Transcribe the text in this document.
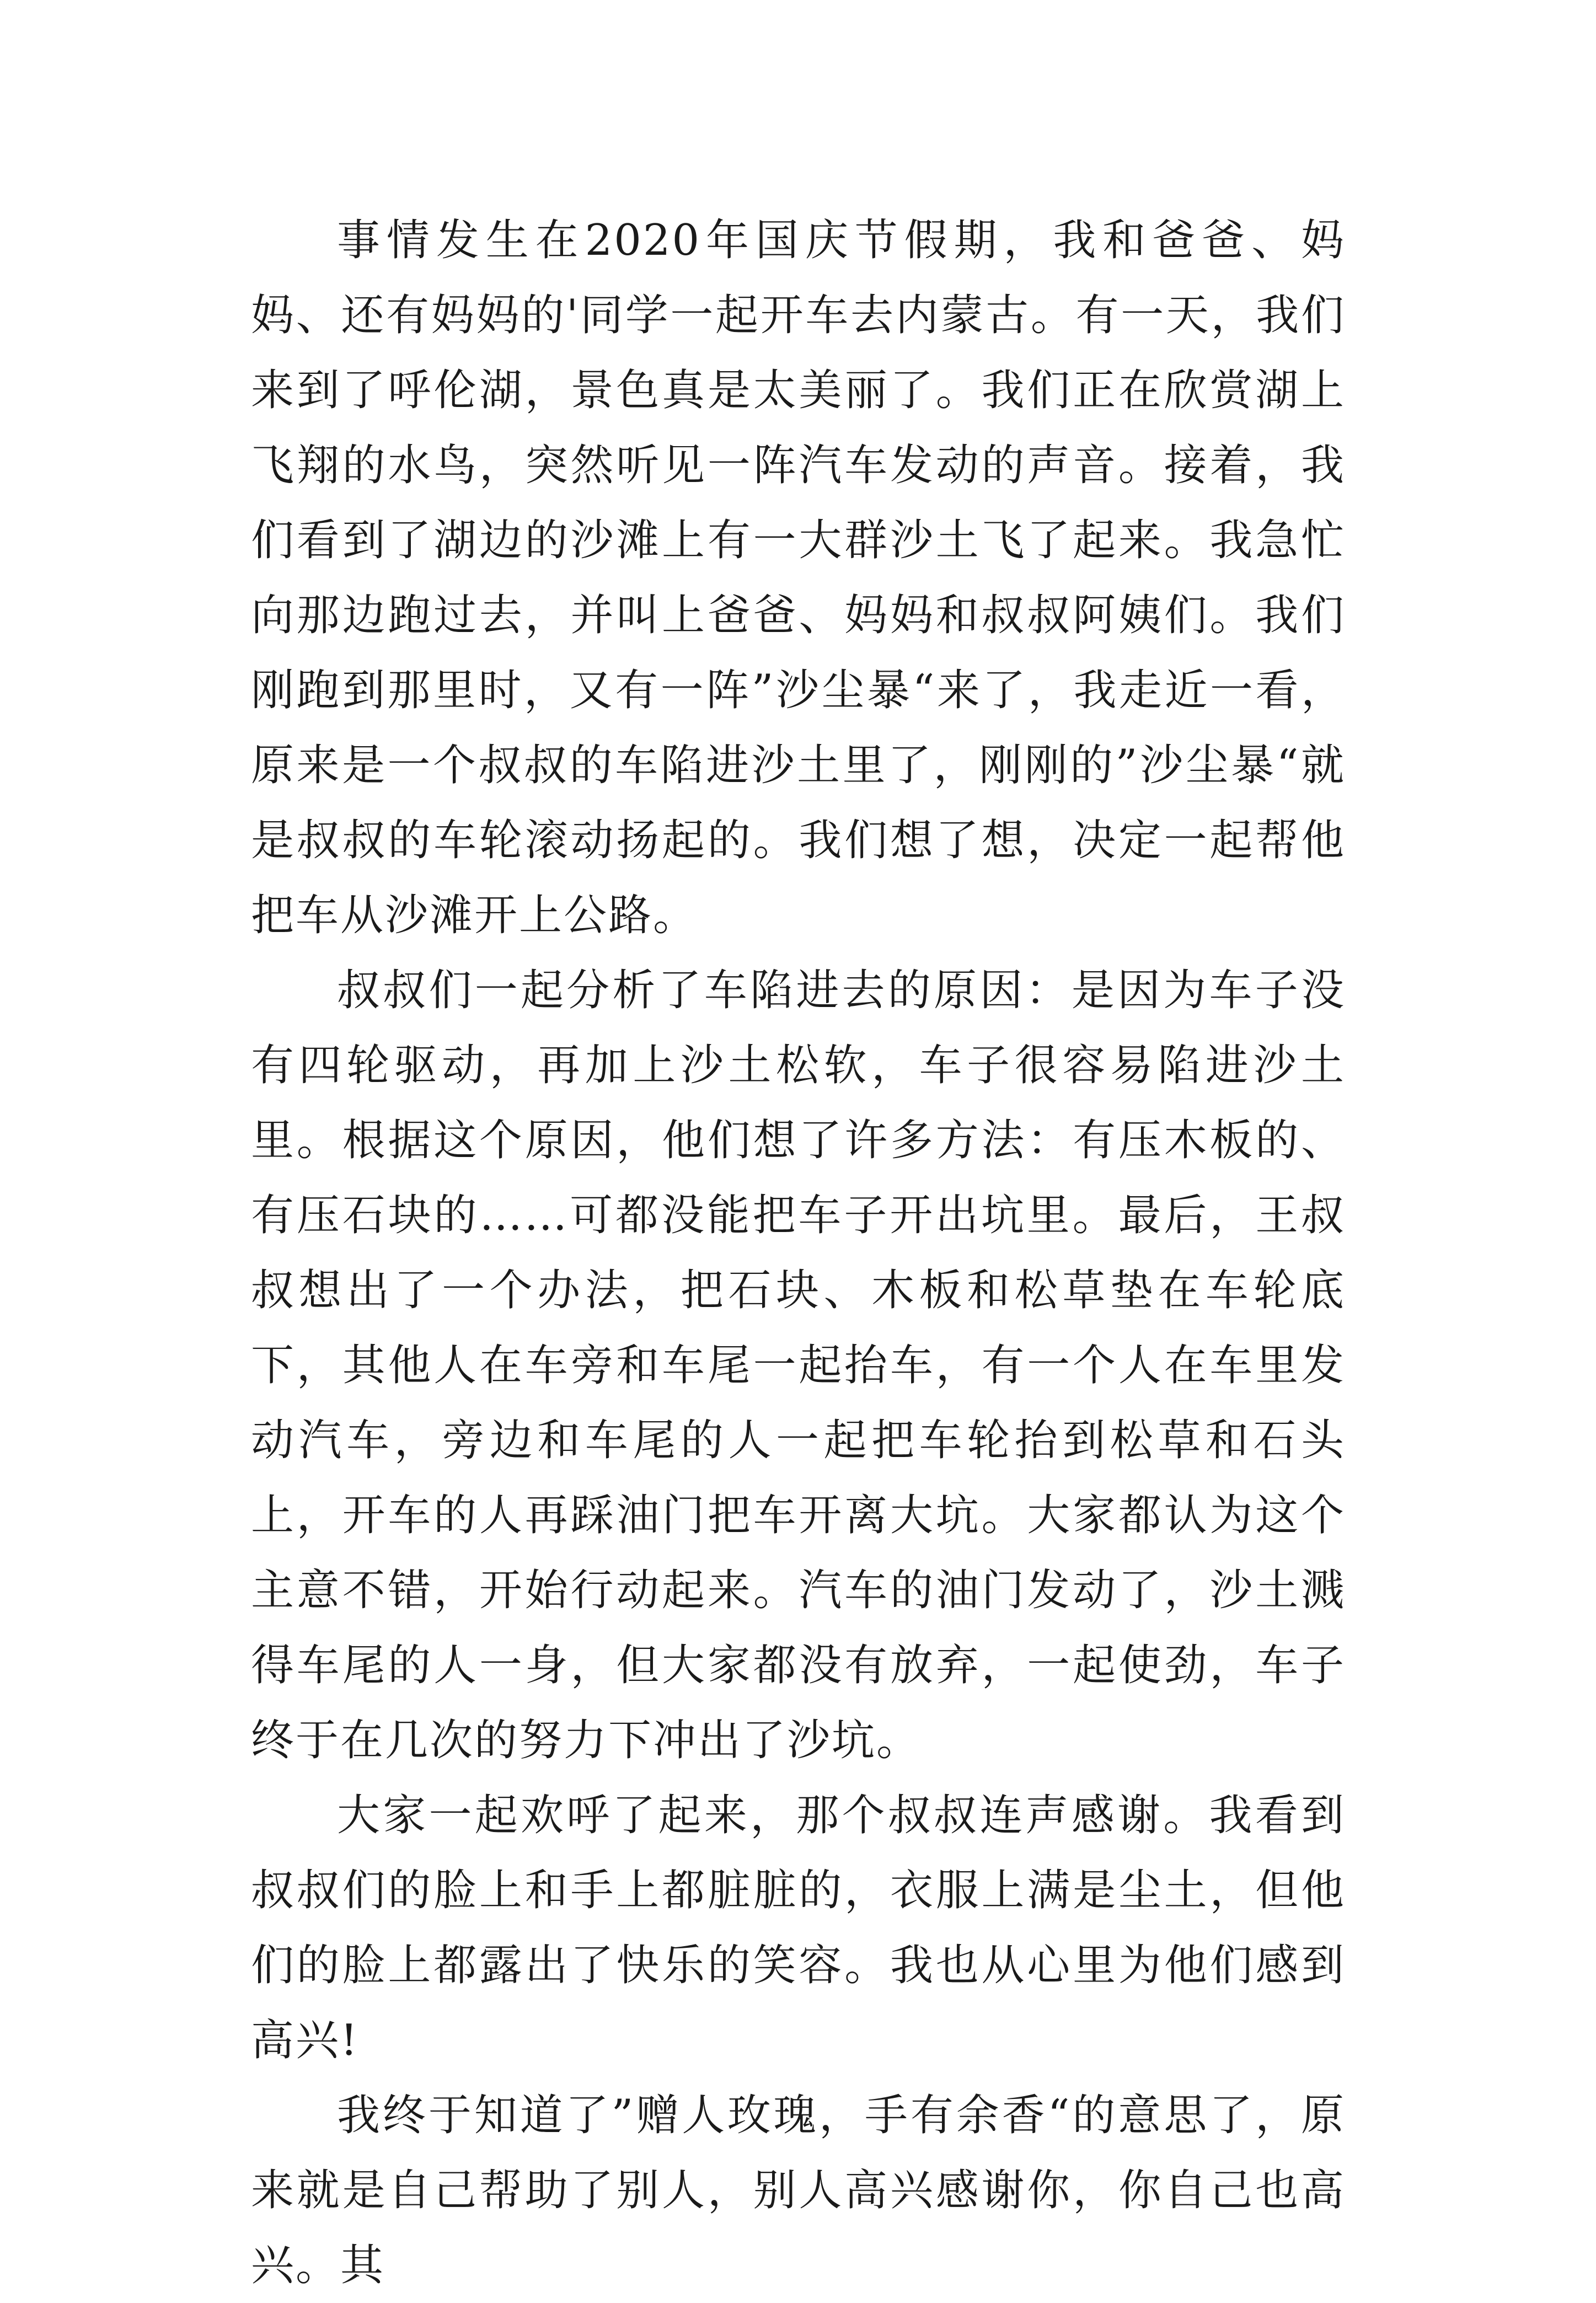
事情发生在2020年国庆节假期，我和爸爸、妈妈、还有妈妈的'同学一起开车去内蒙古。有一天，我们来到了呼伦湖，景色真是太美丽了。我们正在欣赏湖上飞翔的水鸟，突然听见一阵汽车发动的声音。接着，我们看到了湖边的沙滩上有一大群沙土飞了起来。我急忙向那边跑过去，并叫上爸爸、妈妈和叔叔阿姨们。我们刚跑到那里时，又有一阵”沙尘暴“来了，我走近一看，原来是一个叔叔的车陷进沙土里了，刚刚的”沙尘暴“就是叔叔的车轮滚动扬起的。我们想了想，决定一起帮他把车从沙滩开上公路。

叔叔们一起分析了车陷进去的原因：是因为车子没有四轮驱动，再加上沙土松软，车子很容易陷进沙土里。根据这个原因，他们想了许多方法：有压木板的、有压石块的……可都没能把车子开出坑里。最后，王叔叔想出了一个办法，把石块、木板和松草垫在车轮底下，其他人在车旁和车尾一起抬车，有一个人在车里发动汽车，旁边和车尾的人一起把车轮抬到松草和石头上，开车的人再踩油门把车开离大坑。大家都认为这个主意不错，开始行动起来。汽车的油门发动了，沙土溅得车尾的人一身，但大家都没有放弃，一起使劲，车子终于在几次的努力下冲出了沙坑。

大家一起欢呼了起来，那个叔叔连声感谢。我看到叔叔们的脸上和手上都脏脏的，衣服上满是尘土，但他们的脸上都露出了快乐的笑容。我也从心里为他们感到高兴!

我终于知道了”赠人玫瑰，手有余香“的意思了，原来就是自己帮助了别人，别人高兴感谢你，你自己也高兴。其
